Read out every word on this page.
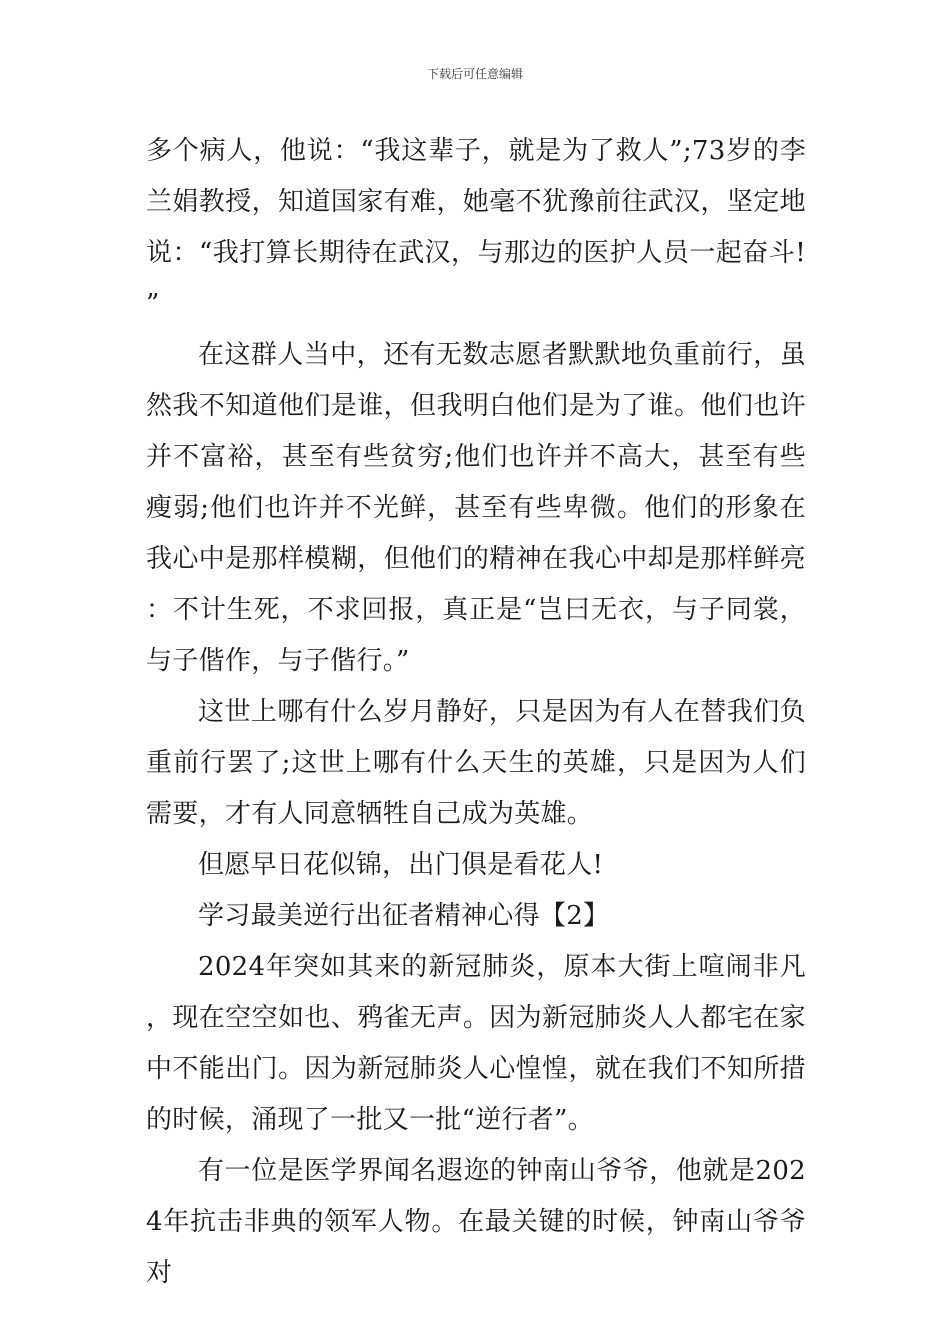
下载后可任意编辑

多个病人，他说：“我这辈子，就是为了救人”;73岁的李兰娟教授，知道国家有难，她毫不犹豫前往武汉，坚定地说：“我打算长期待在武汉，与那边的医护人员一起奋斗!”

在这群人当中，还有无数志愿者默默地负重前行，虽然我不知道他们是谁，但我明白他们是为了谁。他们也许并不富裕，甚至有些贫穷;他们也许并不高大，甚至有些瘦弱;他们也许并不光鲜，甚至有些卑微。他们的形象在我心中是那样模糊，但他们的精神在我心中却是那样鲜亮：不计生死，不求回报，真正是“岂曰无衣，与子同裳，与子偕作，与子偕行。”

这世上哪有什么岁月静好，只是因为有人在替我们负重前行罢了;这世上哪有什么天生的英雄，只是因为人们需要，才有人同意牺牲自己成为英雄。

但愿早日花似锦，出门俱是看花人!

学习最美逆行出征者精神心得【2】

2024年突如其来的新冠肺炎，原本大街上喧闹非凡，现在空空如也、鸦雀无声。因为新冠肺炎人人都宅在家中不能出门。因为新冠肺炎人心惶惶，就在我们不知所措的时候，涌现了一批又一批“逆行者”。

有一位是医学界闻名遐迩的钟南山爷爷，他就是2024年抗击非典的领军人物。在最关键的时候，钟南山爷爷对
